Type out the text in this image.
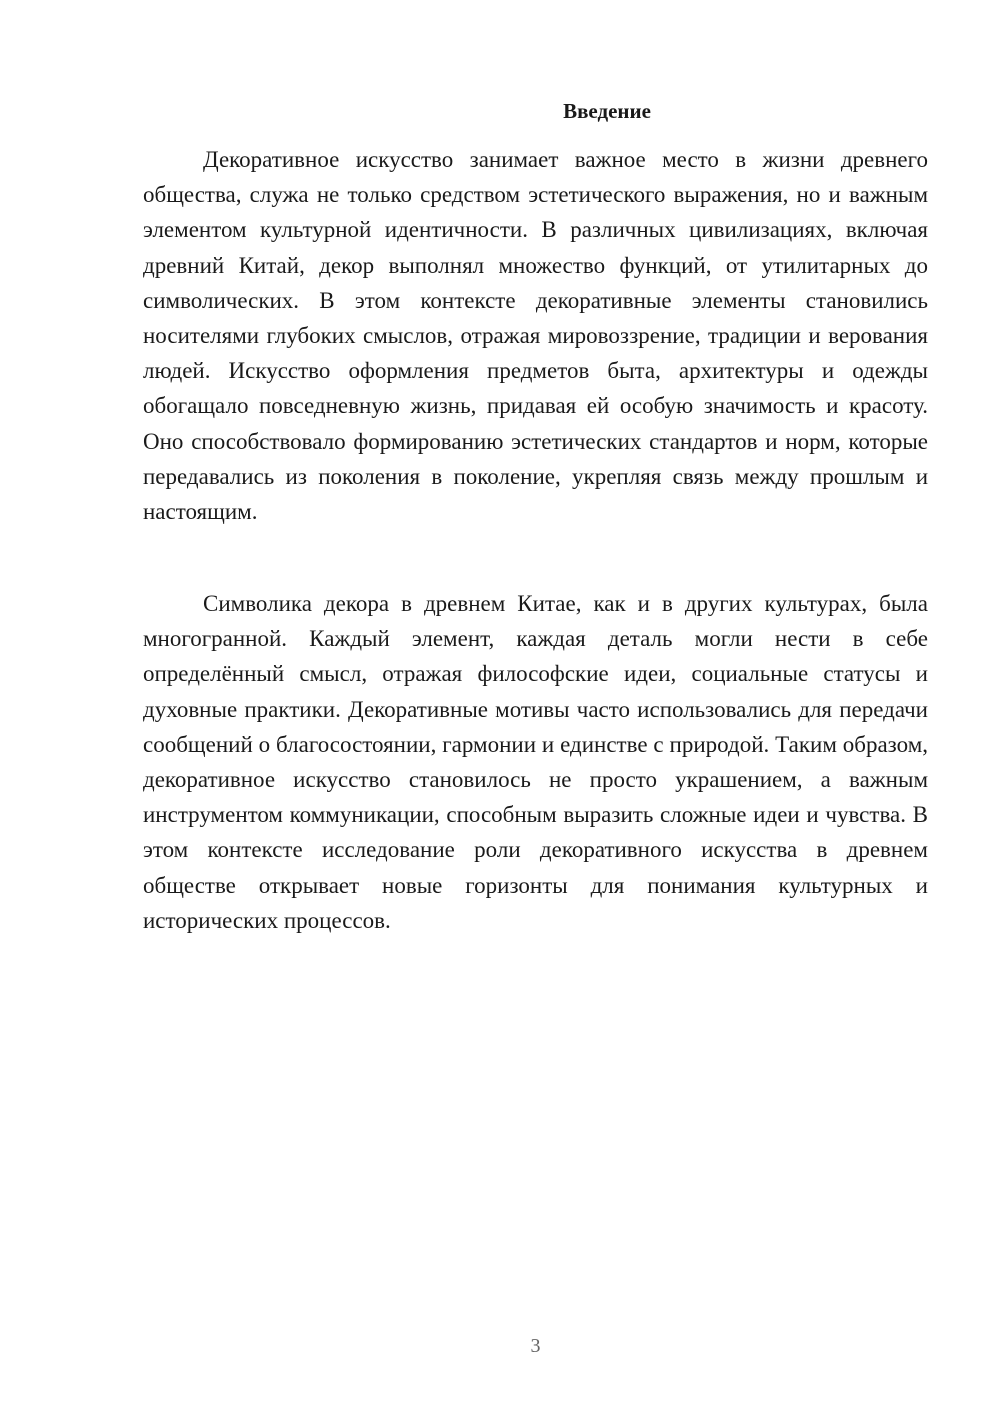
Введение

Декоративное искусство занимает важное место в жизни древнего общества, служа не только средством эстетического выражения, но и важным элементом культурной идентичности. В различных цивилизациях, включая древний Китай, декор выполнял множество функций, от утилитарных до символических. В этом контексте декоративные элементы становились носителями глубоких смыслов, отражая мировоззрение, традиции и верования людей. Искусство оформления предметов быта, архитектуры и одежды обогащало повседневную жизнь, придавая ей особую значимость и красоту. Оно способствовало формированию эстетических стандартов и норм, которые передавались из поколения в поколение, укрепляя связь между прошлым и настоящим.

Символика декора в древнем Китае, как и в других культурах, была многогранной. Каждый элемент, каждая деталь могли нести в себе определённый смысл, отражая философские идеи, социальные статусы и духовные практики. Декоративные мотивы часто использовались для передачи сообщений о благосостоянии, гармонии и единстве с природой. Таким образом, декоративное искусство становилось не просто украшением, а важным инструментом коммуникации, способным выразить сложные идеи и чувства. В этом контексте исследование роли декоративного искусства в древнем обществе открывает новые горизонты для понимания культурных и исторических процессов.

3
